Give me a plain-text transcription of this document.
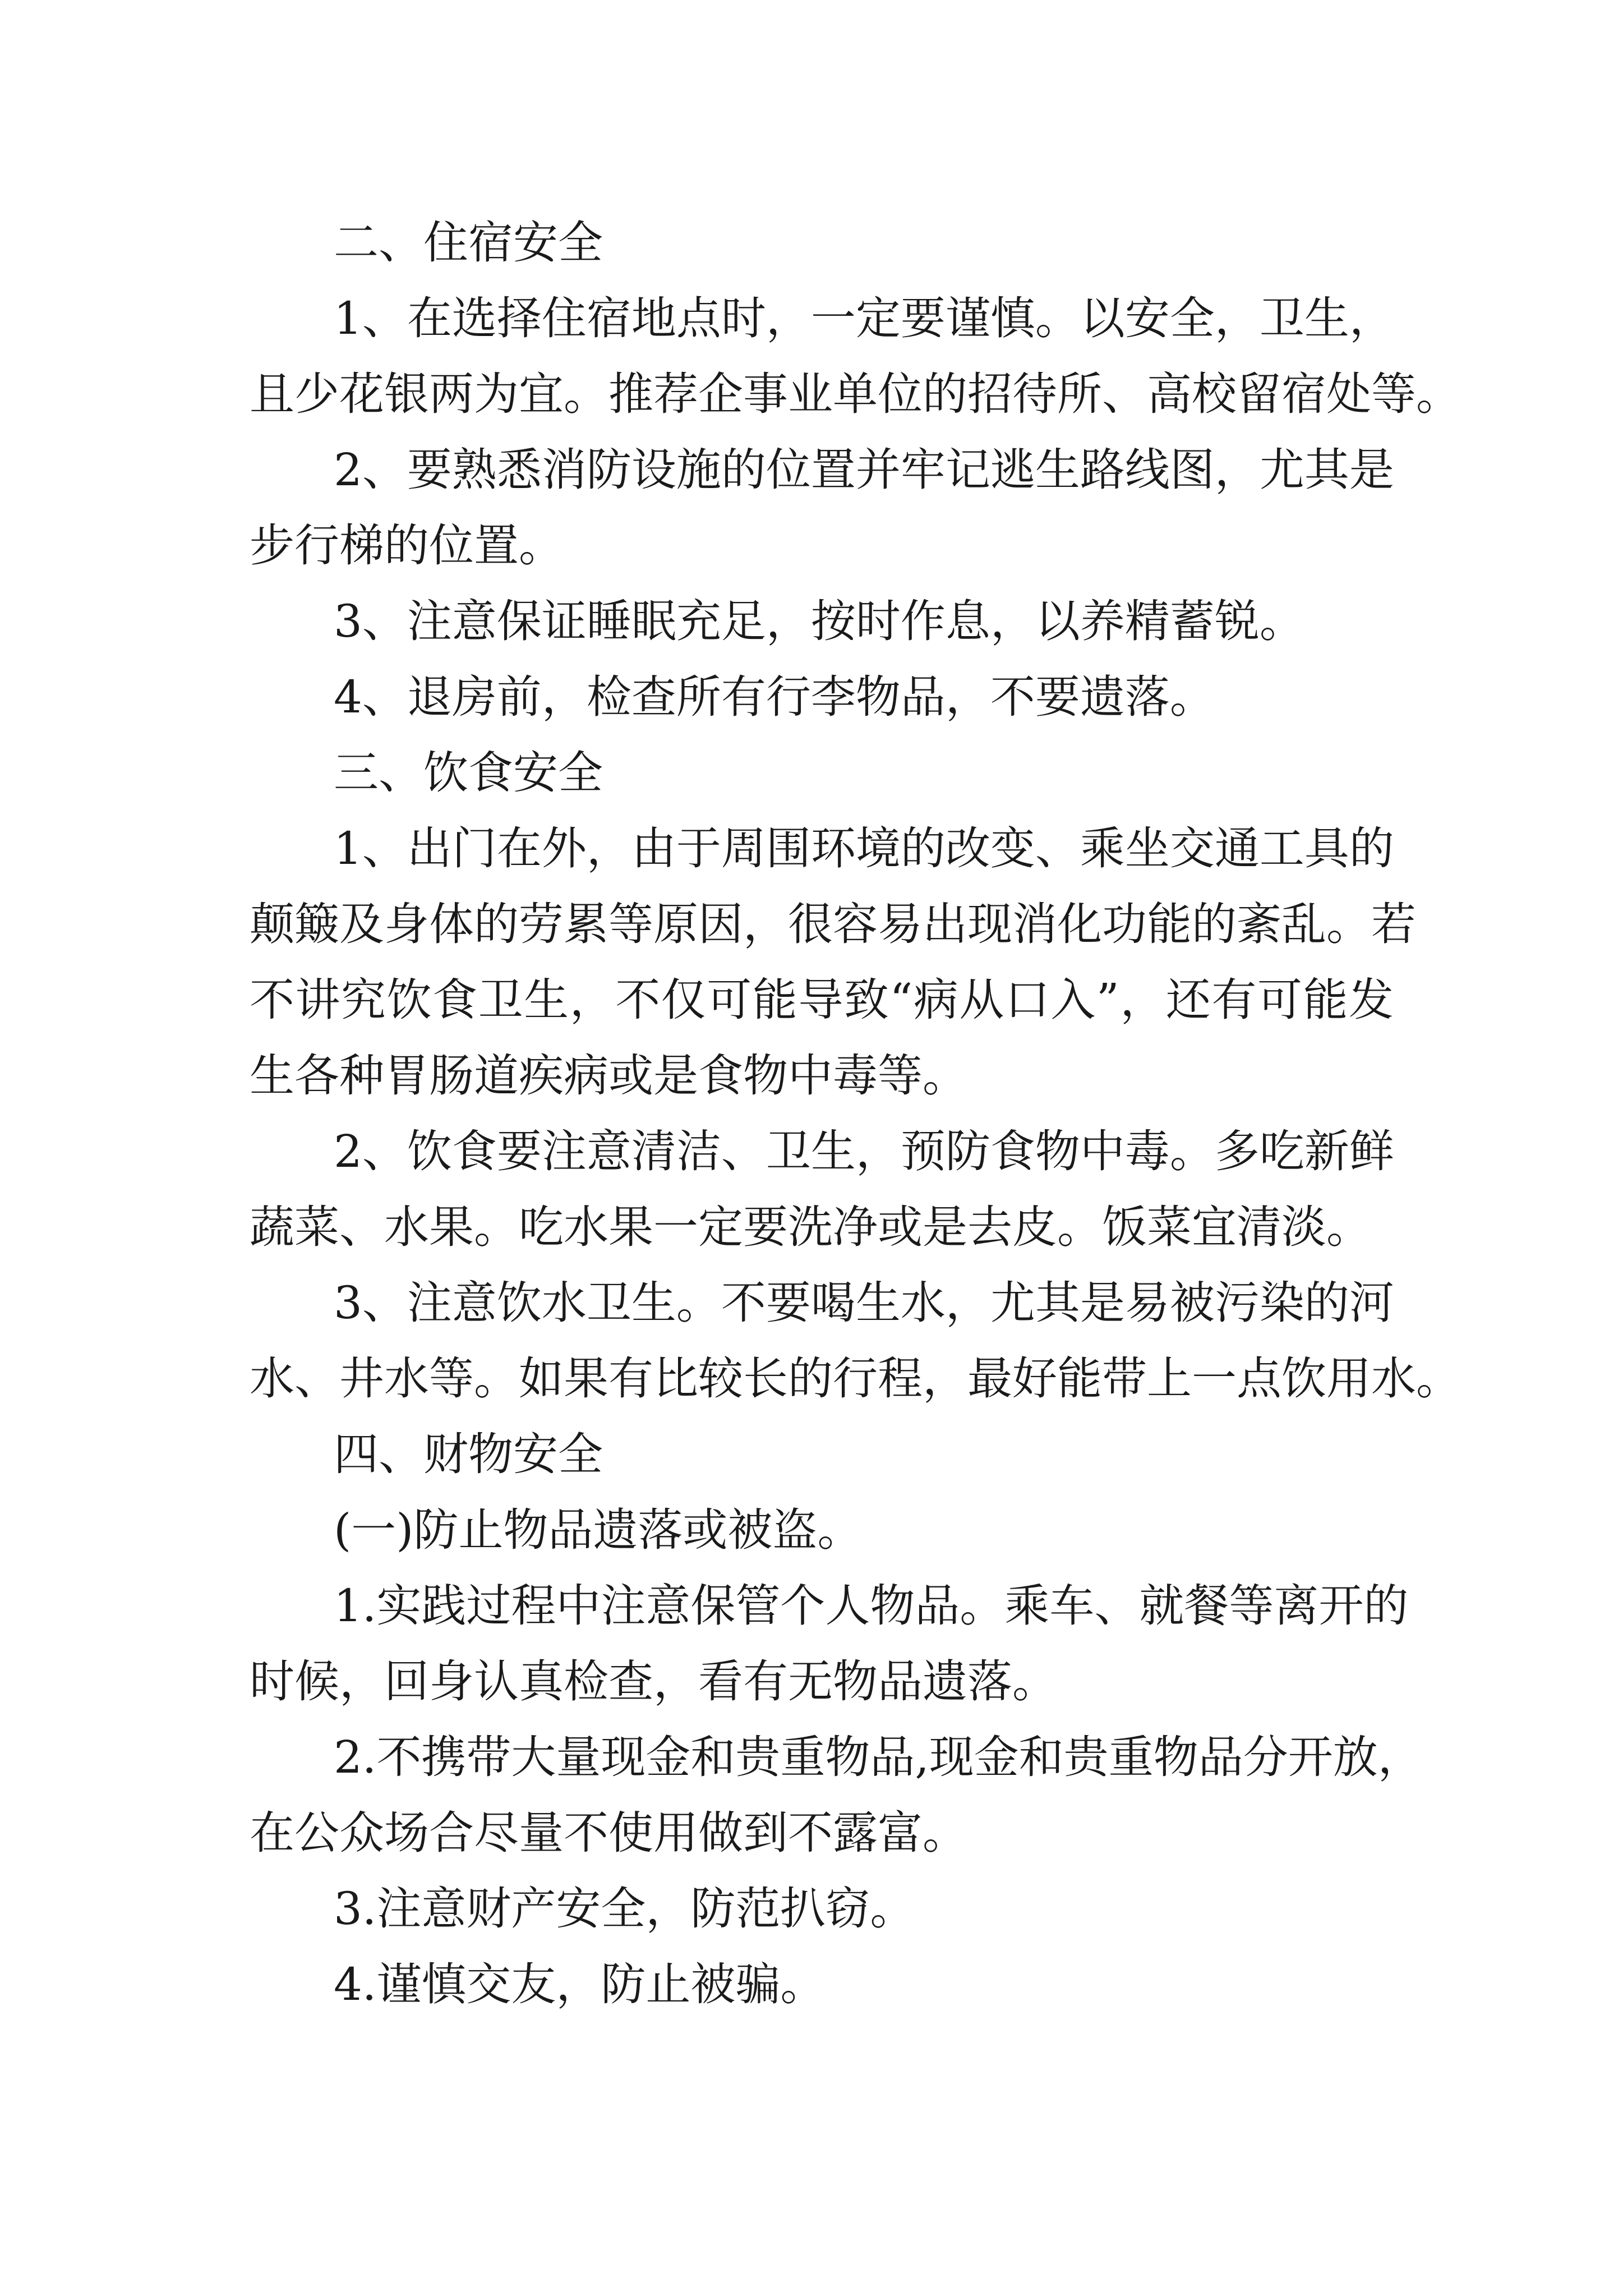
二、住宿安全
1、在选择住宿地点时，一定要谨慎。以安全，卫生，
且少花银两为宜。推荐企事业单位的招待所、高校留宿处等。
2、要熟悉消防设施的位置并牢记逃生路线图，尤其是
步行梯的位置。
3、注意保证睡眠充足，按时作息，以养精蓄锐。
4、退房前，检查所有行李物品，不要遗落。
三、饮食安全
1、出门在外，由于周围环境的改变、乘坐交通工具的
颠簸及身体的劳累等原因，很容易出现消化功能的紊乱。若
不讲究饮食卫生，不仅可能导致“病从口入”，还有可能发
生各种胃肠道疾病或是食物中毒等。
2、饮食要注意清洁、卫生，预防食物中毒。多吃新鲜
蔬菜、水果。吃水果一定要洗净或是去皮。饭菜宜清淡。
3、注意饮水卫生。不要喝生水，尤其是易被污染的河
水、井水等。如果有比较长的行程，最好能带上一点饮用水。
四、财物安全
(一)防止物品遗落或被盗。
1.实践过程中注意保管个人物品。乘车、就餐等离开的
时候，回身认真检查，看有无物品遗落。
2.不携带大量现金和贵重物品,现金和贵重物品分开放，
在公众场合尽量不使用做到不露富。
3.注意财产安全，防范扒窃。
4.谨慎交友，防止被骗。
